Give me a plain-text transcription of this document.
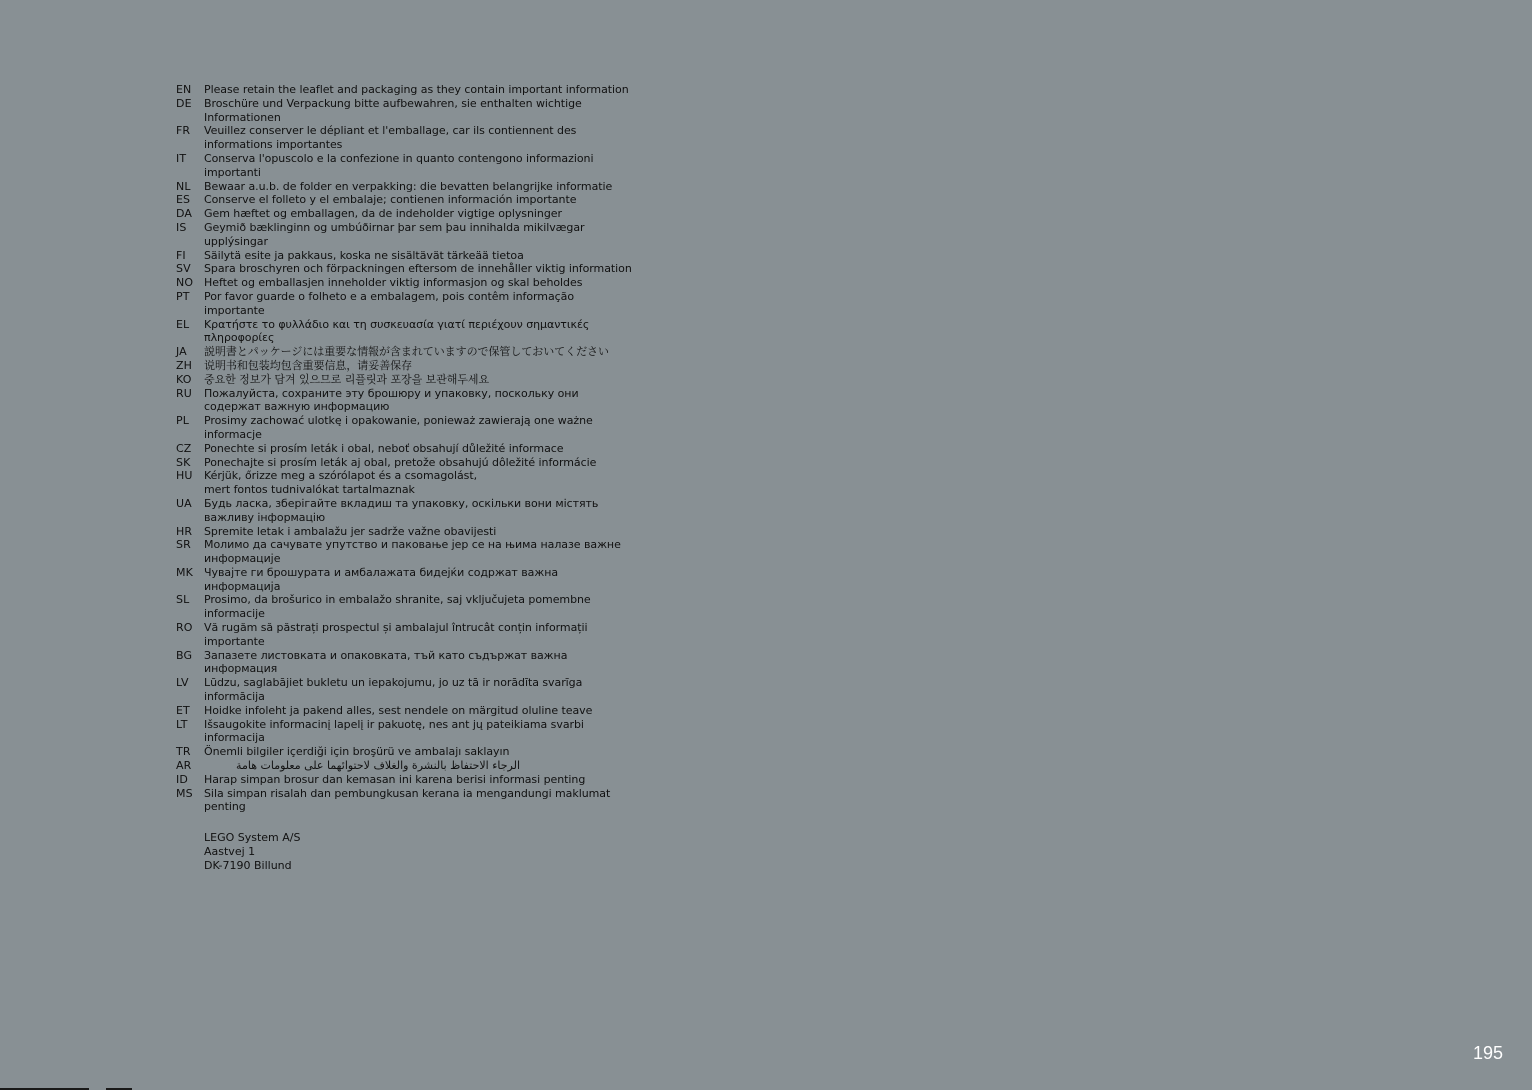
EN	Please retain the leaflet and packaging as they contain important information
DE	Broschüre und Verpackung bitte aufbewahren, sie enthalten wichtige Informationen
FR	Veuillez conserver le dépliant et l'emballage, car ils contiennent des informations importantes
IT	Conserva l'opuscolo e la confezione in quanto contengono informazioni importanti
NL	Bewaar a.u.b. de folder en verpakking: die bevatten belangrijke informatie
ES	Conserve el folleto y el embalaje; contienen información importante
DA	Gem hæftet og emballagen, da de indeholder vigtige oplysninger
IS	Geymið bæklinginn og umbúðirnar þar sem þau innihalda mikilvægar upplýsingar
FI	Säilytä esite ja pakkaus, koska ne sisältävät tärkeää tietoa
SV	Spara broschyren och förpackningen eftersom de innehåller viktig information
NO Heftet og emballasjen inneholder viktig informasjon og skal beholdes
PT	Por favor guarde o folheto e a embalagem, pois contêm informação importante
EL	Κρατήστε το φυλλάδιο και τη συσκευασία γιατί περιέχουν σημαντικές πληροφορίες
JA	説明書とパッケージには重要な情報が含まれていますので保管しておいてください
ZH	说明书和包装均包含重要信息，请妥善保存
KO	중요한 정보가 담겨 있으므로 리플릿과 포장을 보관해두세요
RU	Пожалуйста, сохраните эту брошюру и упаковку, поскольку они содержат важную информацию
PL	Prosimy zachować ulotkę i opakowanie, ponieważ zawierają one ważne informacje
CZ	Ponechte si prosím leták i obal, neboť obsahují důležité informace
SK	Ponechajte si prosím leták aj obal, pretože obsahujú dôležité informácie
HU	Kérjük, őrizze meg a szórólapot és a csomagolást,
mert fontos tudnivalókat tartalmaznak
UA	Будь ласка, зберігайте вкладиш та упаковку, оскільки вони містять важливу інформацію
HR	Spremite letak i ambalažu jer sadrže važne obavijesti
SR	Молимо да сачувате упутство и паковање јер се на њима налазе важне информације
MK	Чувајте ги брошурата и амбалажата бидејќи содржат важна информација
SL	Prosimo, da brošurico in embalažo shranite, saj vključujeta pomembne informacije
RO	Vă rugăm să păstrați prospectul și ambalajul întrucât conțin informații importante
BG	Запазете листовката и опаковката, тъй като съдържат важна информация
LV	Lūdzu, saglabājiet bukletu un iepakojumu, jo uz tā ir norādīta svarīga informācija
ET	Hoidke infoleht ja pakend alles, sest nendele on märgitud oluline teave
LT	Išsaugokite informacinį lapelį ir pakuotę, nes ant jų pateikiama svarbi informacija
TR	Önemli bilgiler içerdiği için broşürü ve ambalajı saklayın
AR	الرجاء الاحتفاظ بالنشرة والغلاف لاحتوائهما على معلومات هامة
ID	Harap simpan brosur dan kemasan ini karena berisi informasi penting
MS	Sila simpan risalah dan pembungkusan kerana ia mengandungi maklumat penting
LEGO System A/S
Aastvej 1
DK-7190 Billund
195
